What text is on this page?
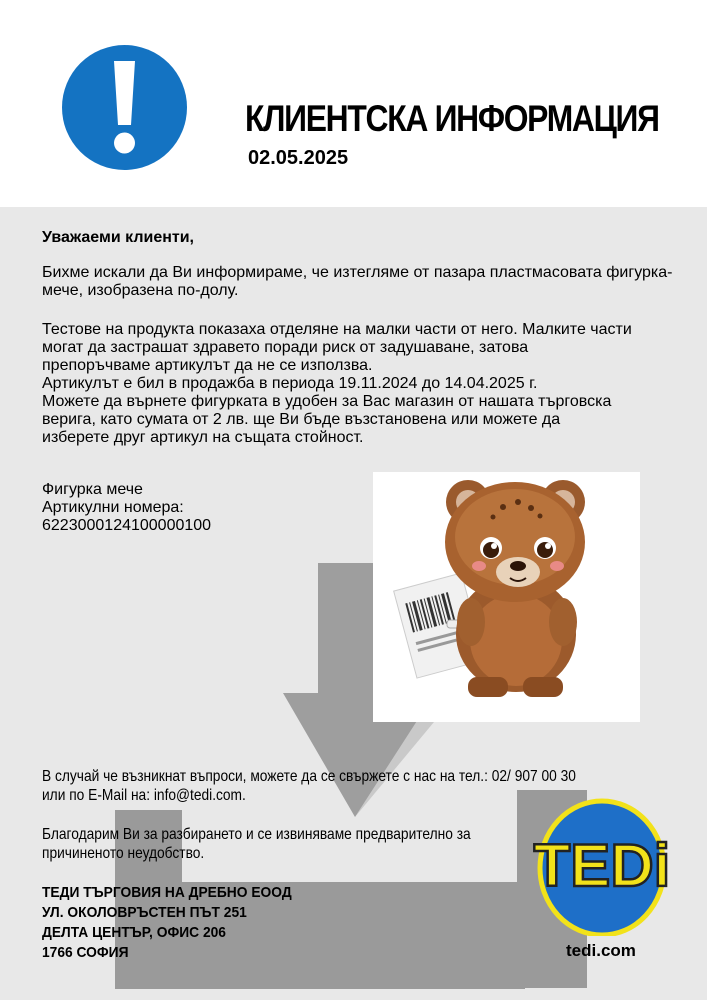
КЛИЕНТСКА ИНФОРМАЦИЯ
02.05.2025
Уважаеми клиенти,
Бихме искали да Ви информираме, че изтегляме от пазара пластмасовата фигурка-мече, изобразена по-долу.
Тестове на продукта показаха отделяне на малки части от него. Малките части
могат да застрашат здравето поради риск от задушаване, затова
препоръчваме артикулът да не се използва.
Артикулът е бил в продажба в периода 19.11.2024 до 14.04.2025 г.
Можете да върнете фигурката в удобен за Вас магазин от нашата търговска
верига, като сумата от 2 лв. ще Ви бъде възстановена или можете да
изберете друг артикул на същата стойност.
Фигурка мече
Артикулни номера:
6223000124100000100
В случай че възникнат въпроси, можете да се свържете с нас на тел.: 02/ 907 00 30
или по E-Mail на: info@tedi.com.
Благодарим Ви за разбирането и се извиняваме предварително за
причиненото неудобство.
ТЕДИ ТЪРГОВИЯ НА ДРЕБНО ЕООД
УЛ. ОКОЛОВРЪСТЕН ПЪТ 251
ДЕЛТА ЦЕНТЪР, ОФИС 206
1766 СОФИЯ
TEDi
tedi.com
